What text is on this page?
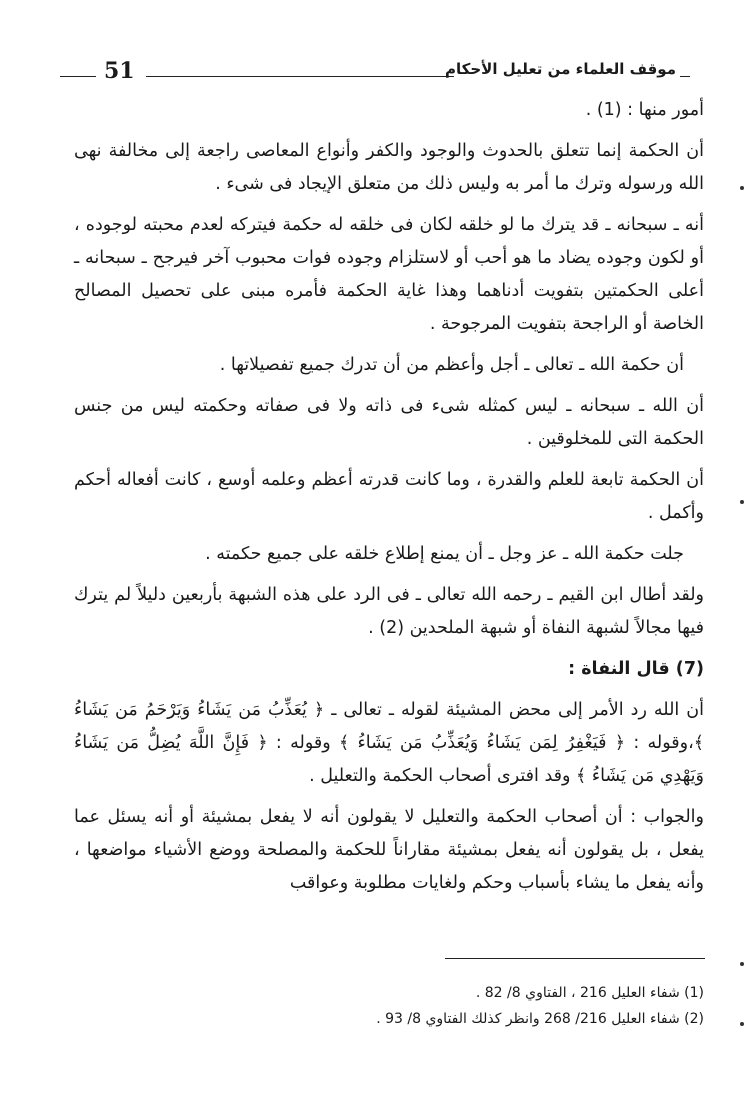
51	موقف العلماء من تعليل الأحكام

أمور منها : (1) .

أن الحكمة إنما تتعلق بالحدوث والوجود والكفر وأنواع المعاصى راجعة إلى مخالفة نهى الله ورسوله وترك ما أمر به وليس ذلك من متعلق الإيجاد فى شىء .

أنه ـ سبحانه ـ قد يترك ما لو خلقه لكان فى خلقه له حكمة فيتركه لعدم محبته لوجوده ، أو لكون وجوده يضاد ما هو أحب أو لاستلزام وجوده فوات محبوب آخر فيرجح ـ سبحانه ـ أعلى الحكمتين بتفويت أدناهما وهذا غاية الحكمة فأمره مبنى على تحصيل المصالح الخاصة أو الراجحة بتفويت المرجوحة .

أن حكمة الله ـ تعالى ـ أجل وأعظم من أن تدرك جميع تفصيلاتها .

أن الله ـ سبحانه ـ ليس كمثله شىء فى ذاته ولا فى صفاته وحكمته ليس من جنس الحكمة التى للمخلوقين .

أن الحكمة تابعة للعلم والقدرة ، وما كانت قدرته أعظم وعلمه أوسع ، كانت أفعاله أحكم وأكمل .

جلت حكمة الله ـ عز وجل ـ أن يمنع إطلاع خلقه على جميع حكمته .

ولقد أطال ابن القيم ـ رحمه الله تعالى ـ فى الرد على هذه الشبهة بأربعين دليلاً لم يترك فيها مجالاً لشبهة النفاة أو شبهة الملحدين (2) .

(7) قال النفاة :

أن الله رد الأمر إلى محض المشيئة لقوله ـ تعالى ـ ﴿ يُعَذِّبُ مَن يَشَاءُ وَيَرْحَمُ مَن يَشَاءُ ﴾،وقوله : ﴿ فَيَغْفِرُ لِمَن يَشَاءُ وَيُعَذِّبُ مَن يَشَاءُ ﴾ وقوله : ﴿ فَإِنَّ اللَّهَ يُضِلُّ مَن يَشَاءُ وَيَهْدِي مَن يَشَاءُ ﴾ وقد افترى أصحاب الحكمة والتعليل .

والجواب : أن أصحاب الحكمة والتعليل لا يقولون أنه لا يفعل بمشيئة أو أنه يسئل عما يفعل ، بل يقولون أنه يفعل بمشيئة مقاراناً للحكمة والمصلحة ووضع الأشياء مواضعها ، وأنه يفعل ما يشاء بأسباب وحكم ولغايات مطلوبة وعواقب

(1) شفاء العليل 216 ، الفتاوي 8/ 82 .
(2) شفاء العليل 216/ 268 وانظر كذلك الفتاوي 8/ 93 .
